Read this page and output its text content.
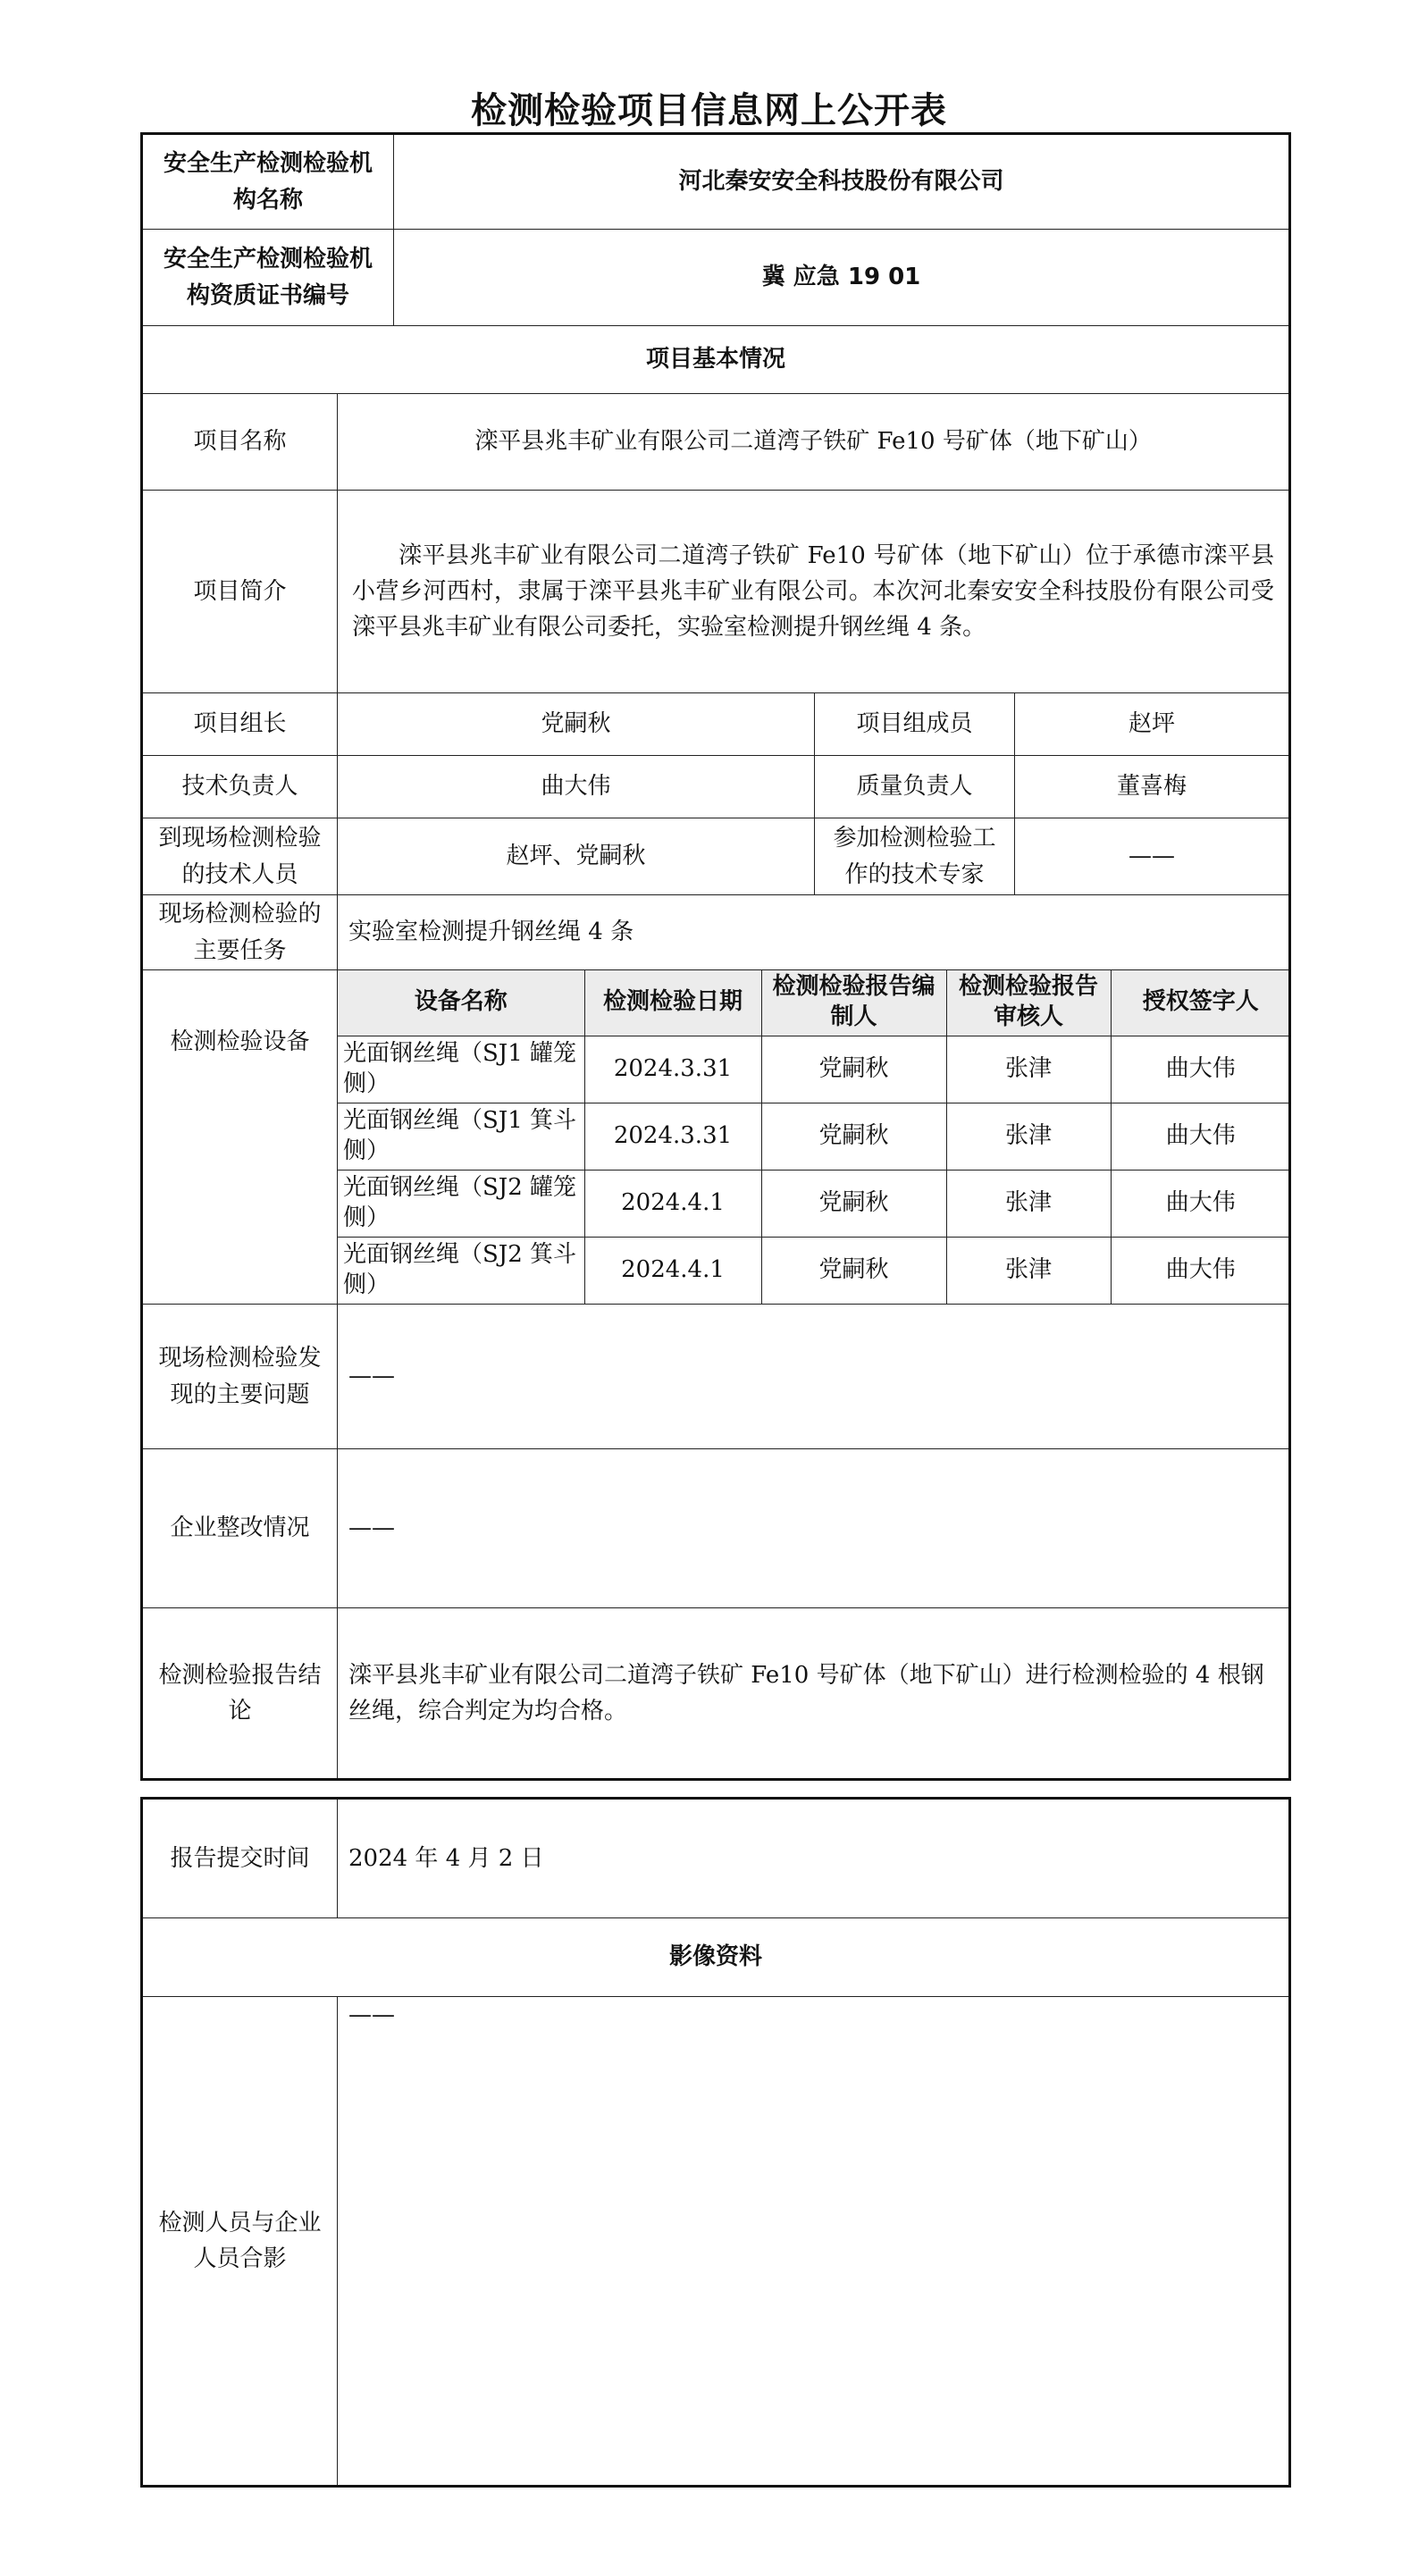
检测检验项目信息网上公开表
安全生产检测检验机构名称	河北秦安安全科技股份有限公司
安全生产检测检验机构资质证书编号	冀 应急 19 01
项目基本情况
项目名称	滦平县兆丰矿业有限公司二道湾子铁矿 Fe10 号矿体（地下矿山）
项目简介	滦平县兆丰矿业有限公司二道湾子铁矿 Fe10 号矿体（地下矿山）位于承德市滦平县小营乡河西村，隶属于滦平县兆丰矿业有限公司。本次河北秦安安全科技股份有限公司受滦平县兆丰矿业有限公司委托，实验室检测提升钢丝绳 4 条。
项目组长	党嗣秋	项目组成员	赵坪
技术负责人	曲大伟	质量负责人	董喜梅
到现场检测检验的技术人员	赵坪、党嗣秋	参加检测检验工作的技术专家	——
现场检测检验的主要任务	实验室检测提升钢丝绳 4 条
检测检验设备	
设备名称	检测检验日期	检测检验报告编制人	检测检验报告审核人	授权签字人
光面钢丝绳（SJ1 罐笼侧）	2024.3.31	党嗣秋	张津	曲大伟
光面钢丝绳（SJ1 箕斗侧）	2024.3.31	党嗣秋	张津	曲大伟
光面钢丝绳（SJ2 罐笼侧）	2024.4.1	党嗣秋	张津	曲大伟
光面钢丝绳（SJ2 箕斗侧）	2024.4.1	党嗣秋	张津	曲大伟

现场检测检验发现的主要问题	——
企业整改情况	——
检测检验报告结论	滦平县兆丰矿业有限公司二道湾子铁矿 Fe10 号矿体（地下矿山）进行检测检验的 4 根钢丝绳，综合判定为均合格。
报告提交时间	2024 年 4 月 2 日
影像资料	
检测人员与企业人员合影	——
